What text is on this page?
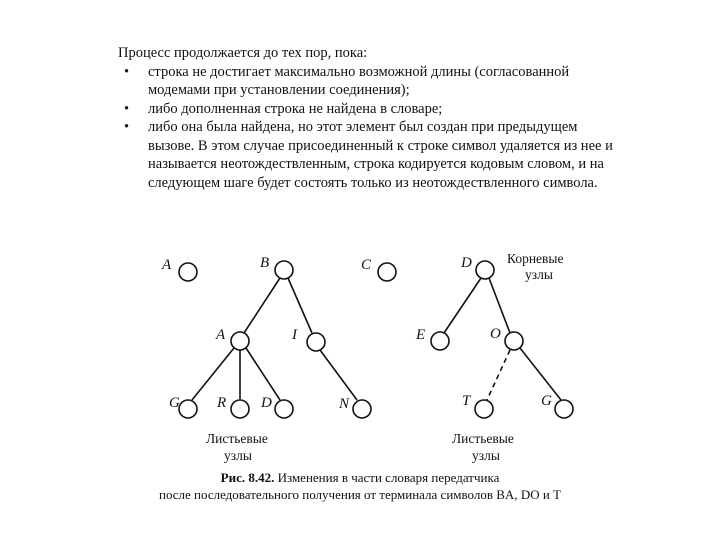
Процесс продолжается до тех пор, пока:
• строка не достигает максимально возможной длины (согласованной модемами при установлении соединения);
• либо дополненная строка не найдена в словаре;
• либо она была найдена, но этот элемент был создан при предыдущем вызове. В этом случае присоединенный к строке символ удаляется из нее и называется неотождествленным, строка кодируется кодовым словом, и на следующем шаге будет состоять только из неотождествленного символа.
A	B	C	D
A	I	E	O
G R D	N	T	G
Корневые
узлы
Листьевые
узлы
Листьевые
узлы
Рис. 8.42. Изменения в части словаря передатчика
после последовательного получения от терминала символов BA, DO и T
